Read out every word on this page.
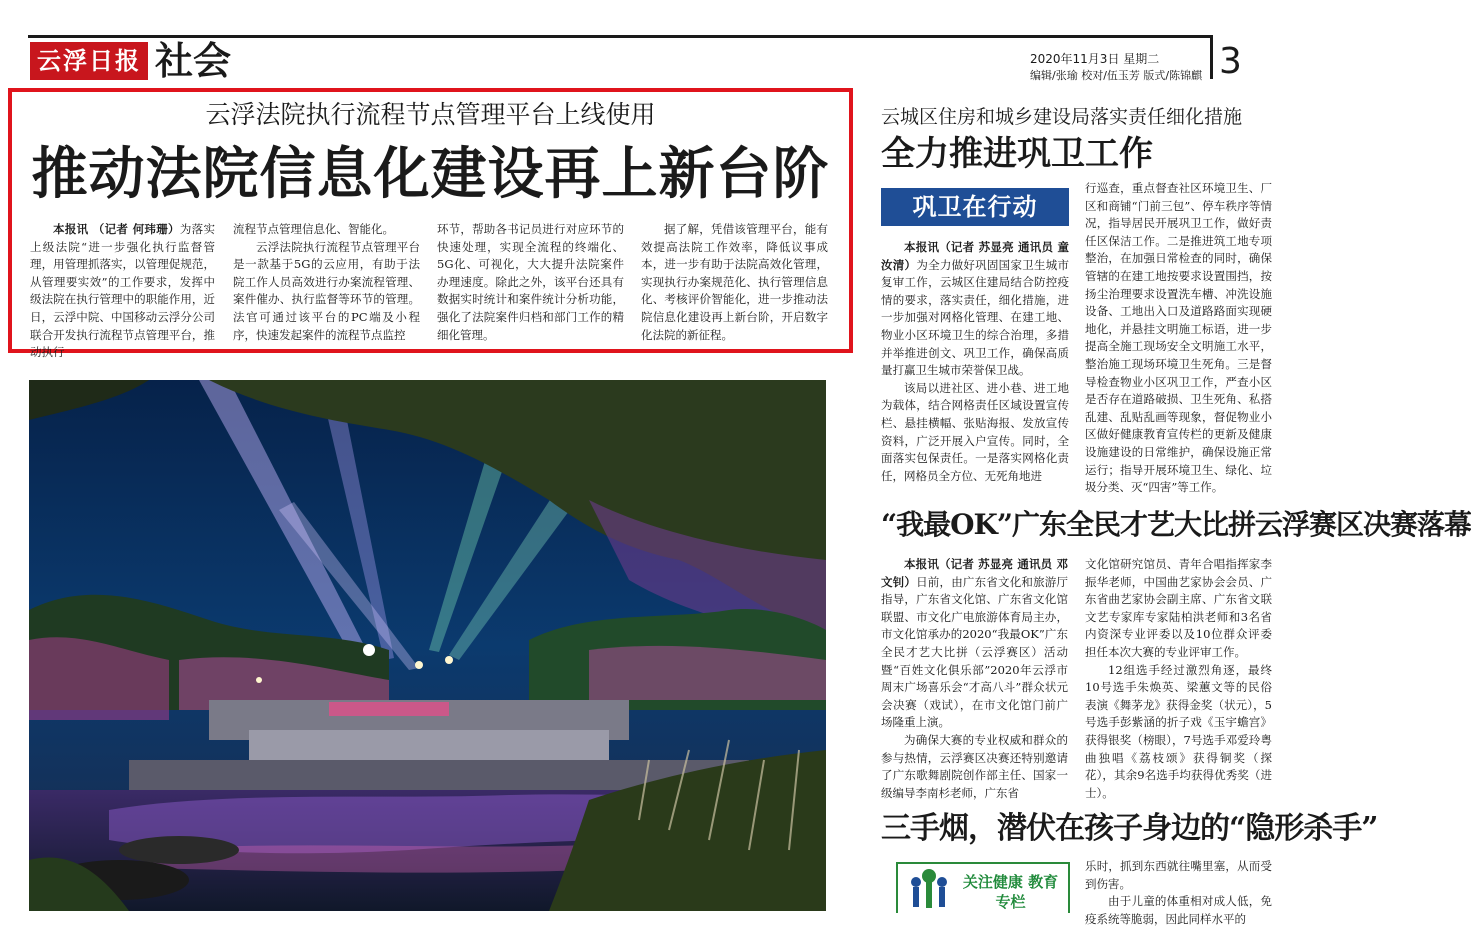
云浮日报 社会	2020年11月3日 星期二
编辑/张瑜 校对/伍玉芳 版式/陈锦麒 3
云浮法院执行流程节点管理平台上线使用
推动法院信息化建设再上新台阶
本报讯 （记者 何玮珊）为落实上级法院“进一步强化执行监督管理，用管理抓落实，以管理促规范，从管理要实效”的工作要求，发挥中级法院在执行管理中的职能作用，近日，云浮中院、中国移动云浮分公司联合开发执行流程节点管理平台，推动执行
流程节点管理信息化、智能化。
云浮法院执行流程节点管理平台是一款基于5G的云应用，有助于法院工作人员高效进行办案流程管理、案件催办、执行监督等环节的管理。法官可通过该平台的PC端及小程序，快速发起案件的流程节点监控
环节，帮助各书记员进行对应环节的快速处理，实现全流程的终端化、5G化、可视化，大大提升法院案件办理速度。除此之外，该平台还具有数据实时统计和案件统计分析功能，强化了法院案件归档和部门工作的精细化管理。
据了解，凭借该管理平台，能有效提高法院工作效率，降低议事成本，进一步有助于法院高效化管理，实现执行办案规范化、执行管理信息化、考核评价智能化，进一步推动法院信息化建设再上新台阶，开启数字化法院的新征程。
云城区住房和城乡建设局落实责任细化措施
全力推进巩卫工作
巩卫在行动
本报讯（记者 苏显亮 通讯员 童汝清）为全力做好巩固国家卫生城市复审工作，云城区住建局结合防控疫情的要求，落实责任，细化措施，进一步加强对网格化管理、在建工地、物业小区环境卫生的综合治理，多措并举推进创文、巩卫工作，确保高质量打赢卫生城市荣誉保卫战。
该局以进社区、进小巷、进工地为载体，结合网格责任区域设置宣传栏、悬挂横幅、张贴海报、发放宣传资料，广泛开展入户宣传。同时，全面落实包保责任。一是落实网格化责任，网格员全方位、无死角地进
行巡查，重点督查社区环境卫生、厂区和商铺“门前三包”、停车秩序等情况，指导居民开展巩卫工作，做好责任区保洁工作。二是推进筑工地专项整治，在加强日常检查的同时，确保管辖的在建工地按要求设置围挡，按扬尘治理要求设置洗车槽、冲洗设施设备、工地出入口及道路路面实现硬地化，并悬挂文明施工标语，进一步提高全施工现场安全文明施工水平，整治施工现场环境卫生死角。三是督导检查物业小区巩卫工作，严查小区是否存在道路破损、卫生死角、私搭乱建、乱贴乱画等现象，督促物业小区做好健康教育宣传栏的更新及健康设施建设的日常维护，确保设施正常运行；指导开展环境卫生、绿化、垃圾分类、灭“四害”等工作。
“我最OK”广东全民才艺大比拼云浮赛区决赛落幕
本报讯（记者 苏显亮 通讯员 邓文钊）日前，由广东省文化和旅游厅指导，广东省文化馆、广东省文化馆联盟、市文化广电旅游体育局主办，市文化馆承办的2020“我最OK”广东全民才艺大比拼（云浮赛区）活动暨“百姓文化俱乐部”2020年云浮市周末广场喜乐会“才高八斗”群众状元会决赛（戏试），在市文化馆门前广场隆重上演。
为确保大赛的专业权威和群众的参与热情，云浮赛区决赛还特别邀请了广东歌舞剧院创作部主任、国家一级编导李南杉老师，广东省
文化馆研究馆员、青年合唱指挥家李振华老师，中国曲艺家协会会员、广东省曲艺家协会副主席、广东省文联文艺专家库专家陆柏洪老师和3名省内资深专业评委以及10位群众评委担任本次大赛的专业评审工作。
12组选手经过激烈角逐，最终10号选手朱焕英、梁蕙文等的民俗表演《舞茅龙》获得金奖（状元），5号选手彭紫涵的折子戏《玉宇蟾宫》获得银奖（榜眼），7号选手邓爱玲粤曲独唱《荔枝颂》获得铜奖（探花），其余9名选手均获得优秀奖（进士）。
三手烟，潜伏在孩子身边的“隐形杀手”
关注健康 教育专栏
乐时，抓到东西就往嘴里塞，从而受到伤害。
由于儿童的体重相对成人低，免疫系统等脆弱，因此同样水平的
